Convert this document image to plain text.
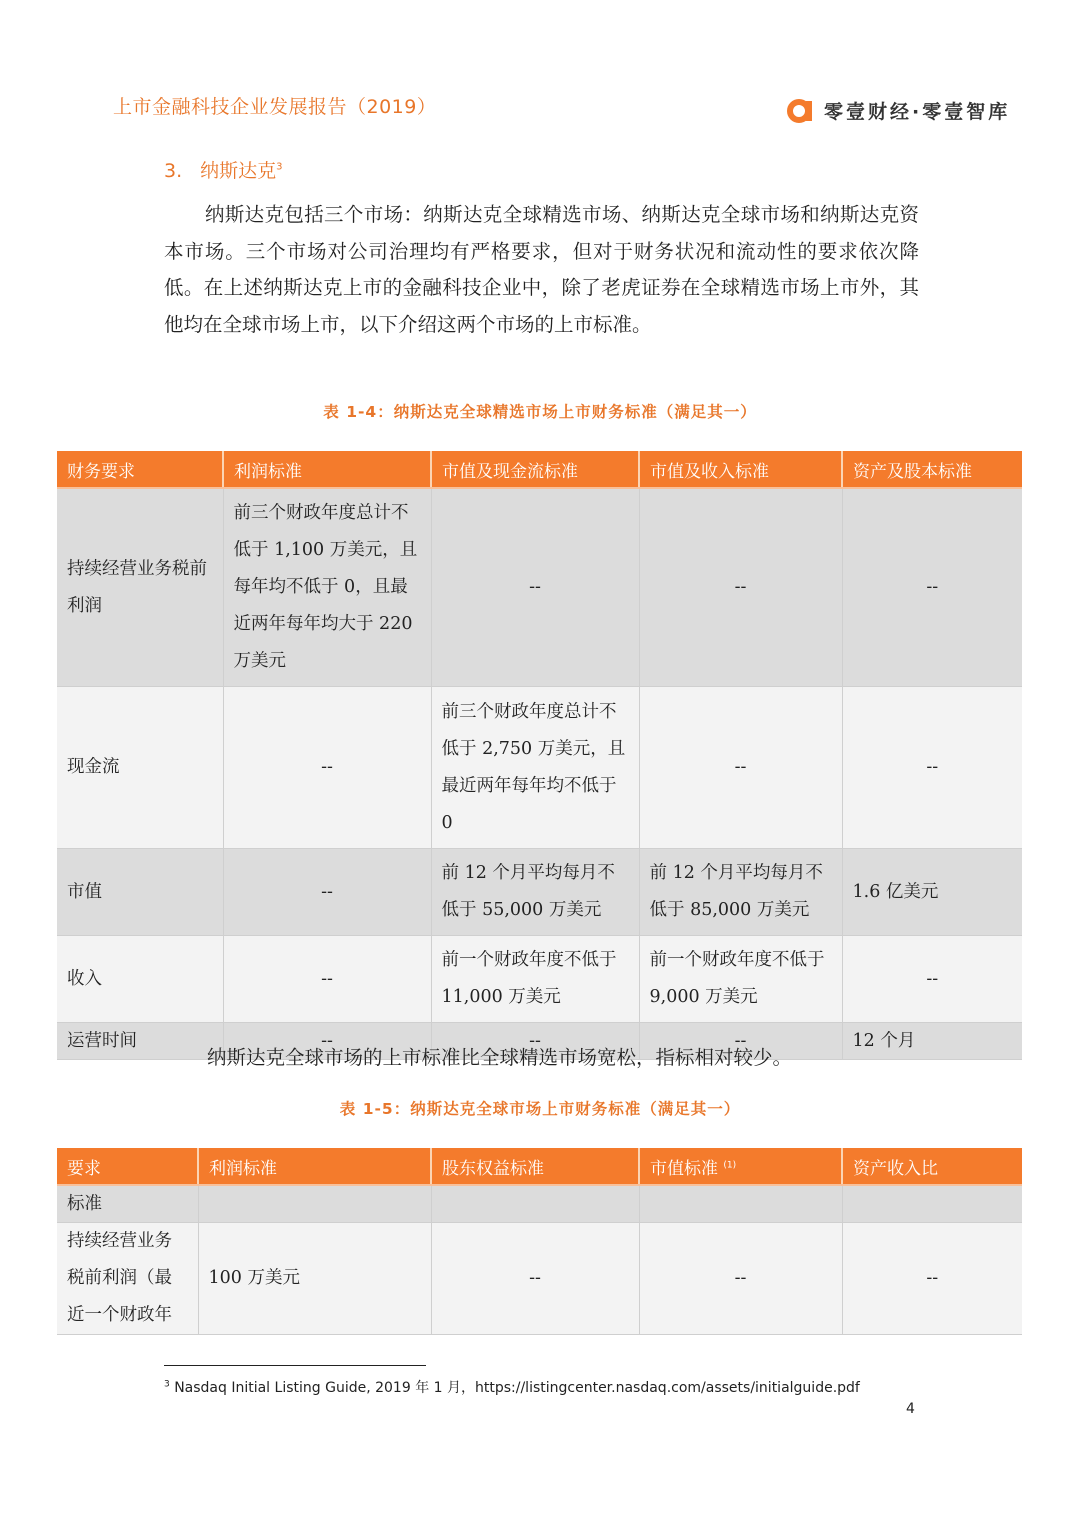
上市金融科技企业发展报告（2019）	零壹财经·零壹智库
3. 纳斯达克$^3$

纳斯达克包括三个市场：纳斯达克全球精选市场、纳斯达克全球市场和纳斯达克资本市场。三个市场对公司治理均有严格要求，但对于财务状况和流动性的要求依次降低。在上述纳斯达克上市的金融科技企业中，除了老虎证券在全球精选市场上市外，其他均在全球市场上市，以下介绍这两个市场的上市标准。

表 1-4：纳斯达克全球精选市场上市财务标准（满足其一）
财务要求	利润标准	市值及现金流标准	市值及收入标准	资产及股本标准
持续经营业务税前利润	前三个财政年度总计不低于 1,100 万美元，且每年均不低于 0，且最近两年每年均大于 220 万美元	--	--	--
现金流	--	前三个财政年度总计不低于 2,750 万美元，且最近两年每年均不低于 0	--	--
市值	--	前 12 个月平均每月不低于 55,000 万美元	前 12 个月平均每月不低于 85,000 万美元	1.6 亿美元
收入	--	前一个财政年度不低于 11,000 万美元	前一个财政年度不低于 9,000 万美元	--
运营时间	--	--	--	12 个月

纳斯达克全球市场的上市标准比全球精选市场宽松，指标相对较少。

表 1-5：纳斯达克全球市场上市财务标准（满足其一）
要求	利润标准	股东权益标准	市值标准 $^{(1)}$	资产收入比
标准				
持续经营业务税前利润（最近一个财政年	100 万美元	--	--	--
$^3$ Nasdaq Initial Listing Guide, 2019 年 1 月，https://listingcenter.nasdaq.com/assets/initialguide.pdf
4
